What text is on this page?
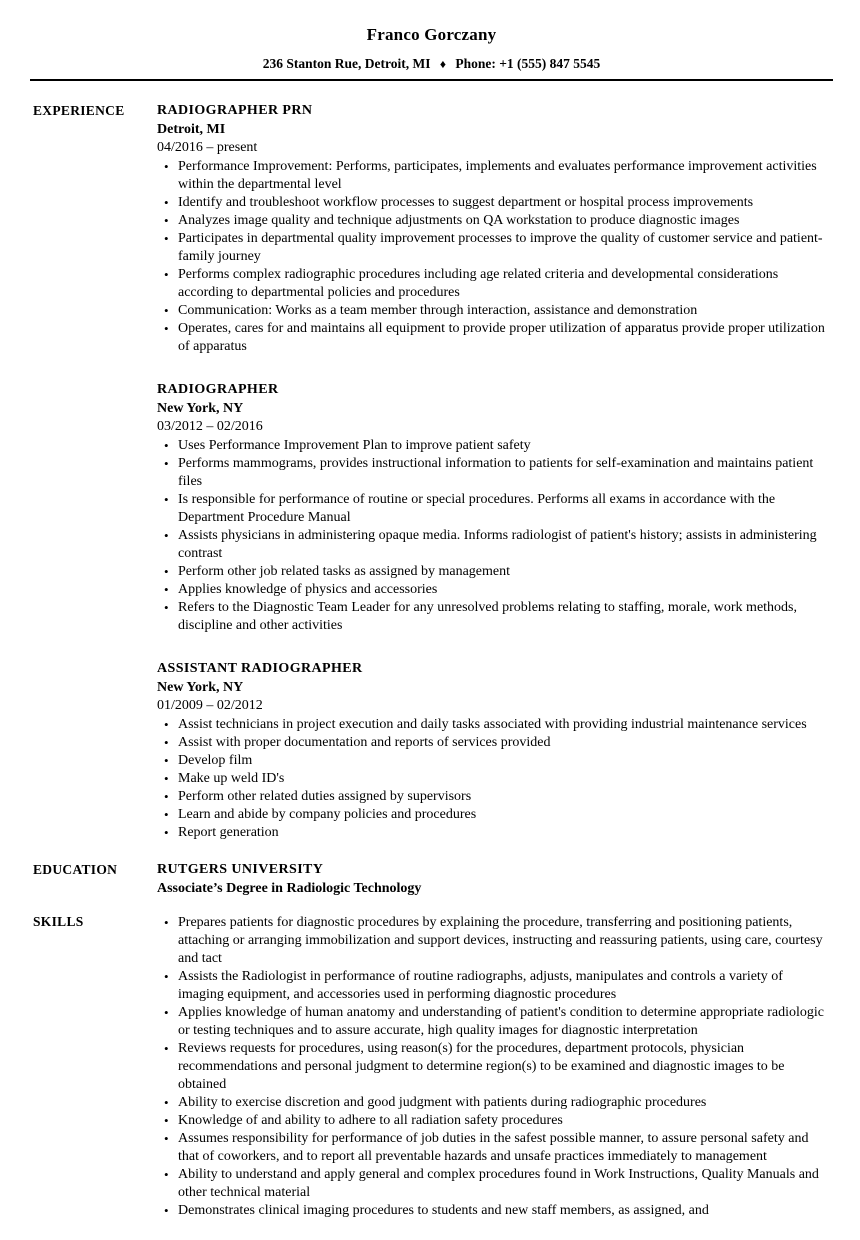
Franco Gorczany

236 Stanton Rue, Detroit, MI ♦ Phone: +1 (555) 847 5545

EXPERIENCE	RADIOGRAPHER PRN
Detroit, MI
04/2016 – present
• Performance Improvement: Performs, participates, implements and evaluates performance improvement activities within the departmental level
• Identify and troubleshoot workflow processes to suggest department or hospital process improvements
• Analyzes image quality and technique adjustments on QA workstation to produce diagnostic images
• Participates in departmental quality improvement processes to improve the quality of customer service and patient-family journey
• Performs complex radiographic procedures including age related criteria and developmental considerations according to departmental policies and procedures
• Communication: Works as a team member through interaction, assistance and demonstration
• Operates, cares for and maintains all equipment to provide proper utilization of apparatus provide proper utilization of apparatus
RADIOGRAPHER
New York, NY
03/2012 – 02/2016
• Uses Performance Improvement Plan to improve patient safety
• Performs mammograms, provides instructional information to patients for self-examination and maintains patient files
• Is responsible for performance of routine or special procedures. Performs all exams in accordance with the Department Procedure Manual
• Assists physicians in administering opaque media. Informs radiologist of patient's history; assists in administering contrast
• Perform other job related tasks as assigned by management
• Applies knowledge of physics and accessories
• Refers to the Diagnostic Team Leader for any unresolved problems relating to staffing, morale, work methods, discipline and other activities
ASSISTANT RADIOGRAPHER
New York, NY
01/2009 – 02/2012
• Assist technicians in project execution and daily tasks associated with providing industrial maintenance services
• Assist with proper documentation and reports of services provided
• Develop film
• Make up weld ID's
• Perform other related duties assigned by supervisors
• Learn and abide by company policies and procedures
• Report generation
EDUCATION	RUTGERS UNIVERSITY
Associate’s Degree in Radiologic Technology
SKILLS	• Prepares patients for diagnostic procedures by explaining the procedure, transferring and positioning patients, attaching or arranging immobilization and support devices, instructing and reassuring patients, using care, courtesy and tact
• Assists the Radiologist in performance of routine radiographs, adjusts, manipulates and controls a variety of imaging equipment, and accessories used in performing diagnostic procedures
• Applies knowledge of human anatomy and understanding of patient's condition to determine appropriate radiologic or testing techniques and to assure accurate, high quality images for diagnostic interpretation
• Reviews requests for procedures, using reason(s) for the procedures, department protocols, physician recommendations and personal judgment to determine region(s) to be examined and diagnostic images to be obtained
• Ability to exercise discretion and good judgment with patients during radiographic procedures
• Knowledge of and ability to adhere to all radiation safety procedures
• Assumes responsibility for performance of job duties in the safest possible manner, to assure personal safety and that of coworkers, and to report all preventable hazards and unsafe practices immediately to management
• Ability to understand and apply general and complex procedures found in Work Instructions, Quality Manuals and other technical material
• Demonstrates clinical imaging procedures to students and new staff members, as assigned, and
